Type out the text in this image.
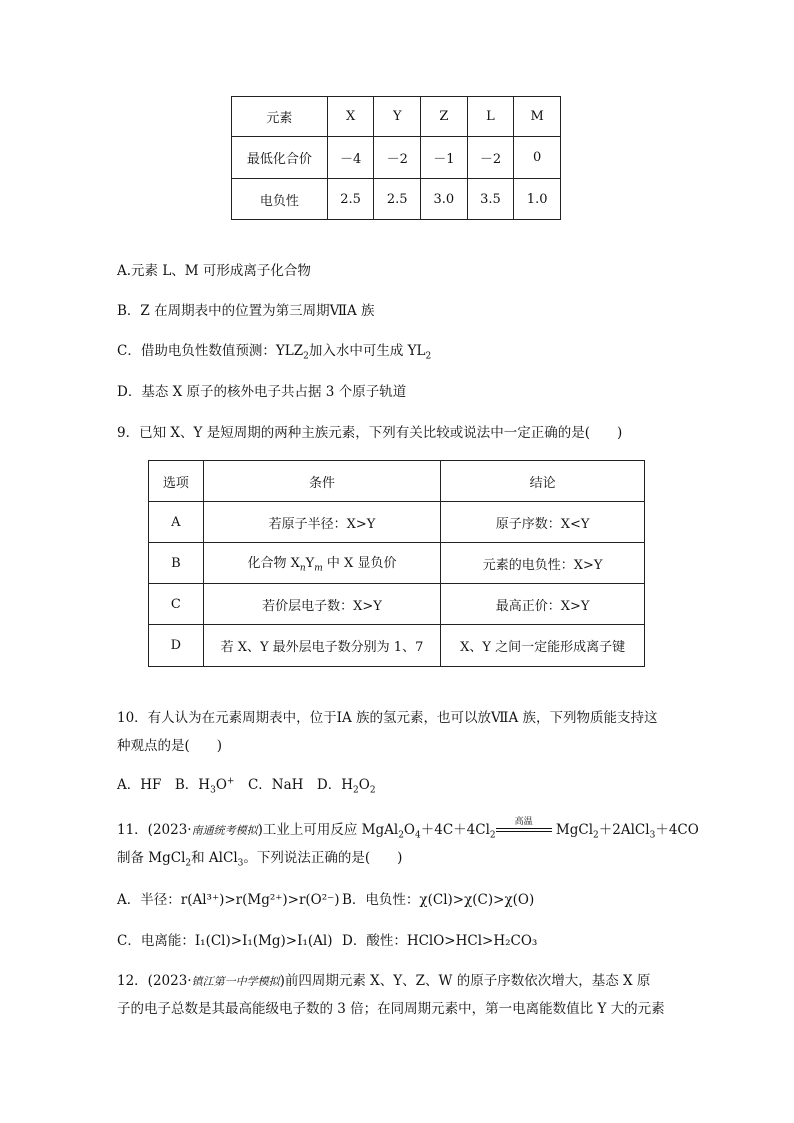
元素	X	Y	Z	L	M
最低化合价	－4	－2	－1	－2	0
电负性	2.5	2.5	3.0	3.5	1.0
A.元素 L、M 可形成离子化合物
B．Z 在周期表中的位置为第三周期ⅦA 族
C．借助电负性数值预测：$YLZ_2$加入水中可生成 $YL_2$
D．基态 X 原子的核外电子共占据 3 个原子轨道
9．已知 X、Y 是短周期的两种主族元素，下列有关比较或说法中一定正确的是(　　)
选项	条件	结论
A	若原子半径：X>Y	原子序数：X<Y
B	化合物 $X_nY_m$ 中 X 显负价	元素的电负性：X>Y
C	若价层电子数：X>Y	最高正价：X>Y
D	若 X、Y 最外层电子数分别为 1、7	X、Y 之间一定能形成离子键
10．有人认为在元素周期表中，位于ⅠA 族的氢元素，也可以放ⅦA 族，下列物质能支持这
种观点的是(　　)
A．HF　 B．$H_3O^+$　 C．NaH　 D．$H_2O_2$
11．(2023·南通统考模拟)工业上可用反应 $MgAl_2O_4+4C+4Cl_2$
高温	MgCl$_2$＋2AlCl$_3$＋4CO
制备 MgCl$_2$和 AlCl$_3$。下列说法正确的是(　　)
A．半径：r(Al³⁺)>r(Mg²⁺)>r(O²⁻) B．电负性：χ(Cl)>χ(C)>χ(O)
C．电离能：I₁(Cl)>I₁(Mg)>I₁(Al) D．酸性：HClO>HCl>H₂CO₃
12．(2023·镇江第一中学模拟)前四周期元素 X、Y、Z、W 的原子序数依次增大，基态 X 原
子的电子总数是其最高能级电子数的 3 倍；在同周期元素中，第一电离能数值比 Y 大的元素
